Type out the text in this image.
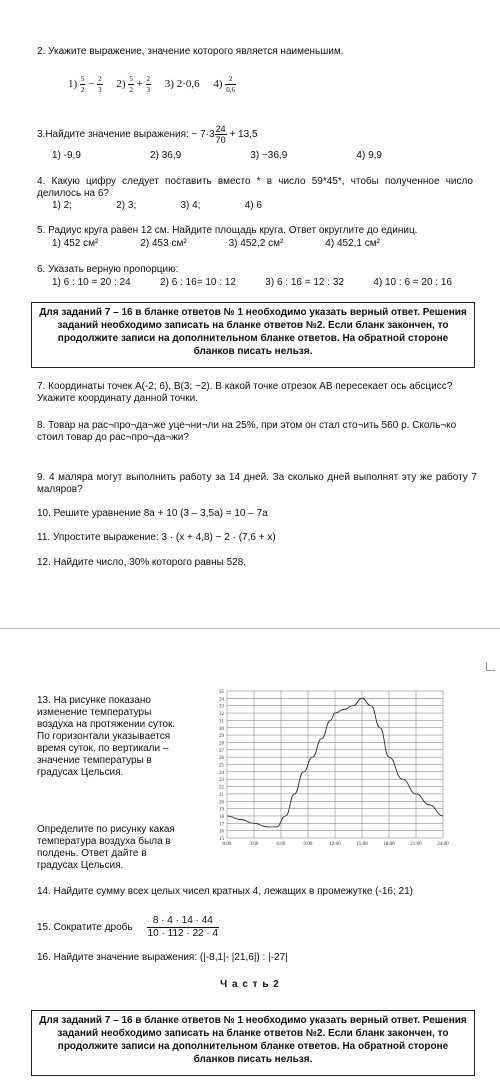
2. Укажите выражение, значение которого является наименьшим.
$1) \frac{5}{2} - \frac{2}{3} 2) \frac{5}{2} + \frac{2}{3} 3$) 2·0,6 $4) \frac{2}{0,6}$
3.Найдите значение выражения: − $7\cdot 3 \frac{24}{70} + 13,5$
1) -9,9	2) 36,9	3) −36,9	4) 9,9
4. Какую цифру следует поставить вместо * в число 59*45*, чтобы полученное число делилось на 6?
1) 2;	2) 3;	3) 4;	4) 6
5. Радиус круга равен 12 см. Найдите площадь круга. Ответ округлите до единиц.
1) 452 см²	2) 453 см²	3) 452,2 см²	4) 452,1 см²
6. Указать верную пропорцию:
1) 6 : 10 = 20 : 24	2) 6 : 16= 10 : 12	3) 6 : 16 = 12 : 32	4) 10 : 6 = 20 : 16
Для заданий 7 – 16 в бланке ответов № 1 необходимо указать верный ответ. Решения заданий необходимо записать на бланке ответов №2. Если бланк закончен, то продолжите записи на дополнительном бланке ответов. На обратной стороне бланков писать нельзя.
7. Координаты точек A(-2; 6), B(3; −2). В какой точке отрезок AB пересекает ось абсцисс? Укажите координату данной точки.
8. Товар на рас¬про¬да¬же уце¬ни¬ли на 25%, при этом он стал сто¬ить 560 р. Сколь¬ко стоил товар до рас¬про¬да¬жи?
9. 4 маляра могут выполнить работу за 14 дней. За сколько дней выполнят эту же работу 7 маляров?
10. Решите уравнение 8a + 10 (3 – 3,5a) = 10 – 7a
11. Упростите выражение: 3 · (x + 4,8) − 2 · (7,6 + x)
12. Найдите число, 30% которого равны 528.
13. На рисунке показано изменение температуры воздуха на протяжении суток. По горизонтали указывается время суток, по вертикали – значение температуры в градусах Цельсия.
Определите по рисунку какая температура воздуха была в полдень. Ответ дайте в градусах Цельсия.
15
16
17
18
19
20
21
22
23
24
25
26
27
28
29
30
31
32
33
34
35
0:00	3:00	6:00	9:00	12:00	15:00	18:00	21:00	24:00
14. Найдите сумму всех целых чисел кратных 4, лежащих в промежутке (-16; 21)
15. Сократите дробь $\frac{8 \cdot 4 \cdot 14 \cdot 44}{10 \cdot 112 \cdot 22 \cdot 4}$
16. Найдите значение выражения: (|-8,1|- |21,6|) : |-27|
Ч а с т ь 2
Для заданий 7 – 16 в бланке ответов № 1 необходимо указать верный ответ. Решения заданий необходимо записать на бланке ответов №2. Если бланк закончен, то продолжите записи на дополнительном бланке ответов. На обратной стороне бланков писать нельзя.
